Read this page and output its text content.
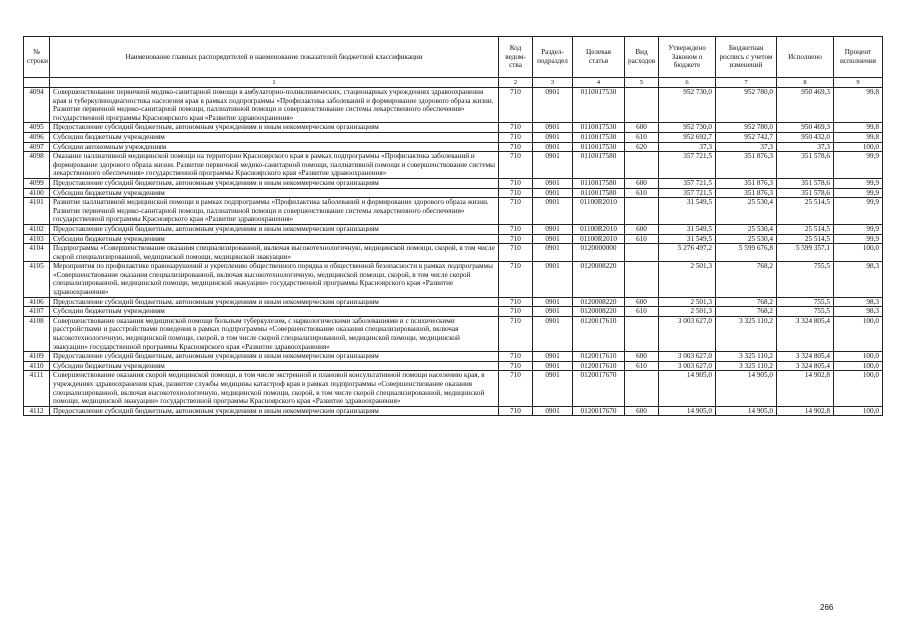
№ строки	Наименование главных распорядителей и наименование показателей бюджетной классификации	Код ведом- ства	Раздел- подраздел	Целевая статья	Вид расходов	Утверждено Законом о бюджете	Бюджетная роспись с учетом изменений	Исполнено	Процент исполнения
	1	2	3	4	5	6	7	8	9
4094	Совершенствование первичной медико-санитарной помощи в амбулаторно-поликлинических, стационарных учреждениях здравоохранения края и туберкулинодиагностика населения края в рамках подпрограммы «Профилактика заболеваний и формирование здорового образа жизни. Развитие первичной медико-санитарной помощи, паллиативной помощи и совершенствование системы лекарственного обеспечения» государственной программы Красноярского края «Развитие здравоохранения»	710	0901	0110017530		952 730,0	952 780,0	950 469,3	99,8
4095	Предоставление субсидий бюджетным, автономным учреждениям и иным некоммерческим организациям	710	0901	0110017530	600	952 730,0	952 780,0	950 469,3	99,8
4096	Субсидии бюджетным учреждениям	710	0901	0110017530	610	952 692,7	952 742,7	950 432,0	99,8
4097	Субсидии автономным учреждениям	710	0901	0110017530	620	37,3	37,3	37,3	100,0
4098	Оказание паллиативной медицинской помощи на территории Красноярского края в рамках подпрограммы «Профилактика заболеваний и формирование здорового образа жизни. Развитие первичной медико-санитарной помощи, паллиативной помощи и совершенствование системы лекарственного обеспечения» государственной программы Красноярского края «Развитие здравоохранения»	710	0901	0110017580		357 721,5	351 876,3	351 578,6	99,9
4099	Предоставление субсидий бюджетным, автономным учреждениям и иным некоммерческим организациям	710	0901	0110017580	600	357 721,5	351 876,3	351 578,6	99,9
4100	Субсидии бюджетным учреждениям	710	0901	0110017580	610	357 721,5	351 876,3	351 578,6	99,9
4101	Развитие паллиативной медицинской помощи в рамках подпрограммы «Профилактика заболеваний и формирование здорового образа жизни. Развитие первичной медико-санитарной помощи, паллиативной помощи и совершенствование системы лекарственного обеспечения» государственной программы Красноярского края «Развитие здравоохранения»	710	0901	01100R2010		31 549,5	25 530,4	25 514,5	99,9
4102	Предоставление субсидий бюджетным, автономным учреждениям и иным некоммерческим организациям	710	0901	01100R2010	600	31 549,5	25 530,4	25 514,5	99,9
4103	Субсидии бюджетным учреждениям	710	0901	01100R2010	610	31 549,5	25 530,4	25 514,5	99,9
4104	Подпрограмма «Совершенствование оказания специализированной, включая высокотехнологичную, медицинской помощи, скорой, в том числе скорой специализированной, медицинской помощи, медицинской эвакуации»	710	0901	0120000000		5 276 497,2	5 599 676,8	5 599 357,1	100,0
4105	Мероприятия по профилактике правонарушений и укреплению общественного порядка и общественной безопасности в рамках подпрограммы «Совершенствование оказания специализированной, включая высокотехнологичную, медицинской помощи, скорой, в том числе скорой специализированной, медицинской помощи, медицинской эвакуации» государственной программы Красноярского края «Развитие здравоохранения»	710	0901	0120008220		2 501,3	768,2	755,5	98,3
4106	Предоставление субсидий бюджетным, автономным учреждениям и иным некоммерческим организациям	710	0901	0120008220	600	2 501,3	768,2	755,5	98,3
4107	Субсидии бюджетным учреждениям	710	0901	0120008220	610	2 501,3	768,2	755,5	98,3
4108	Совершенствование оказания медицинской помощи больным туберкулезом, с наркологическими заболеваниями и с психическими расстройствами и расстройствами поведения в рамках подпрограммы «Совершенствование оказания специализированной, включая высокотехнологичную, медицинской помощи, скорой, в том числе скорой специализированной, медицинской помощи, медицинской эвакуации» государственной программы Красноярского края «Развитие здравоохранения»	710	0901	0120017610		3 003 627,0	3 325 110,2	3 324 805,4	100,0
4109	Предоставление субсидий бюджетным, автономным учреждениям и иным некоммерческим организациям	710	0901	0120017610	600	3 003 627,0	3 325 110,2	3 324 805,4	100,0
4110	Субсидии бюджетным учреждениям	710	0901	0120017610	610	3 003 627,0	3 325 110,2	3 324 805,4	100,0
4111	Совершенствование оказания скорой медицинской помощи, в том числе экстренной и плановой консультативной помощи населению края, в учреждениях здравоохранения края, развитие службы медицины катастроф края в рамках подпрограммы «Совершенствование оказания специализированной, включая высокотехнологичную, медицинской помощи, скорой, в том числе скорой специализированной, медицинской помощи, медицинской эвакуации» государственной программы Красноярского края «Развитие здравоохранения»	710	0901	0120017670		14 905,0	14 905,0	14 902,8	100,0
4112	Предоставление субсидий бюджетным, автономным учреждениям и иным некоммерческим организациям	710	0901	0120017670	600	14 905,0	14 905,0	14 902,8	100,0
266
